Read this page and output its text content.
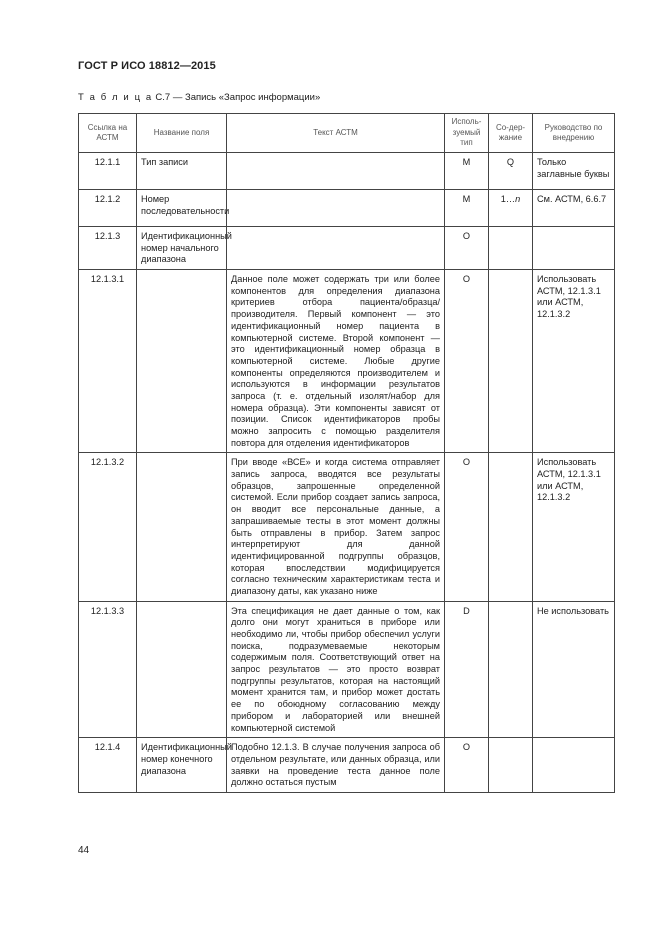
ГОСТ Р ИСО 18812—2015
Т а б л и ц а С.7 — Запись «Запрос информации»
Ссылка на АСТМ	Название поля	Текст АСТМ	Исполь-зуемый тип	Со-дер-жание	Руководство по внедрению
12.1.1	Тип записи		M	Q	Только заглавные буквы
12.1.2	Номер последовательности		M	1…n	См. АСТМ, 6.6.7
12.1.3	Идентификационный номер начального диапазона		O		
12.1.3.1		Данное поле может содержать три или более компонентов для определения диапазона критериев отбора пациента/образца/производителя. Первый компонент — это идентификационный номер пациента в компьютерной системе. Второй компонент — это идентификационный номер образца в компьютерной системе. Любые другие компоненты определяются производителем и используются в информации результатов запроса (т. е. отдельный изолят/набор для номера образца). Эти компоненты зависят от позиции. Список идентификаторов пробы можно запросить с помощью разделителя повтора для отделения идентификаторов	O		Использовать АСТМ, 12.1.3.1 или АСТМ, 12.1.3.2
12.1.3.2		При вводе «ВСЕ» и когда система отправляет запись запроса, вводятся все результаты образцов, запрошенные определенной системой. Если прибор создает запись запроса, он вводит все персональные данные, а запрашиваемые тесты в этот момент должны быть отправлены в прибор. Затем запрос интерпретируют для данной идентифицированной подгруппы образцов, которая впоследствии модифицируется согласно техническим характеристикам теста и диапазону даты, как указано ниже	O		Использовать АСТМ, 12.1.3.1 или АСТМ, 12.1.3.2
12.1.3.3		Эта спецификация не дает данные о том, как долго они могут храниться в приборе или необходимо ли, чтобы прибор обеспечил услуги поиска, подразумеваемые некоторым содержимым поля. Соответствующий ответ на запрос результатов — это просто возврат подгруппы результатов, которая на настоящий момент хранится там, и прибор может достать ее по обоюдному согласованию между прибором и лабораторией или внешней компьютерной системой	D		Не использовать
12.1.4	Идентификационный номер конечного диапазона	Подобно 12.1.3. В случае получения запроса об отдельном результате, или данных образца, или заявки на проведение теста данное поле должно остаться пустым	O		
44
